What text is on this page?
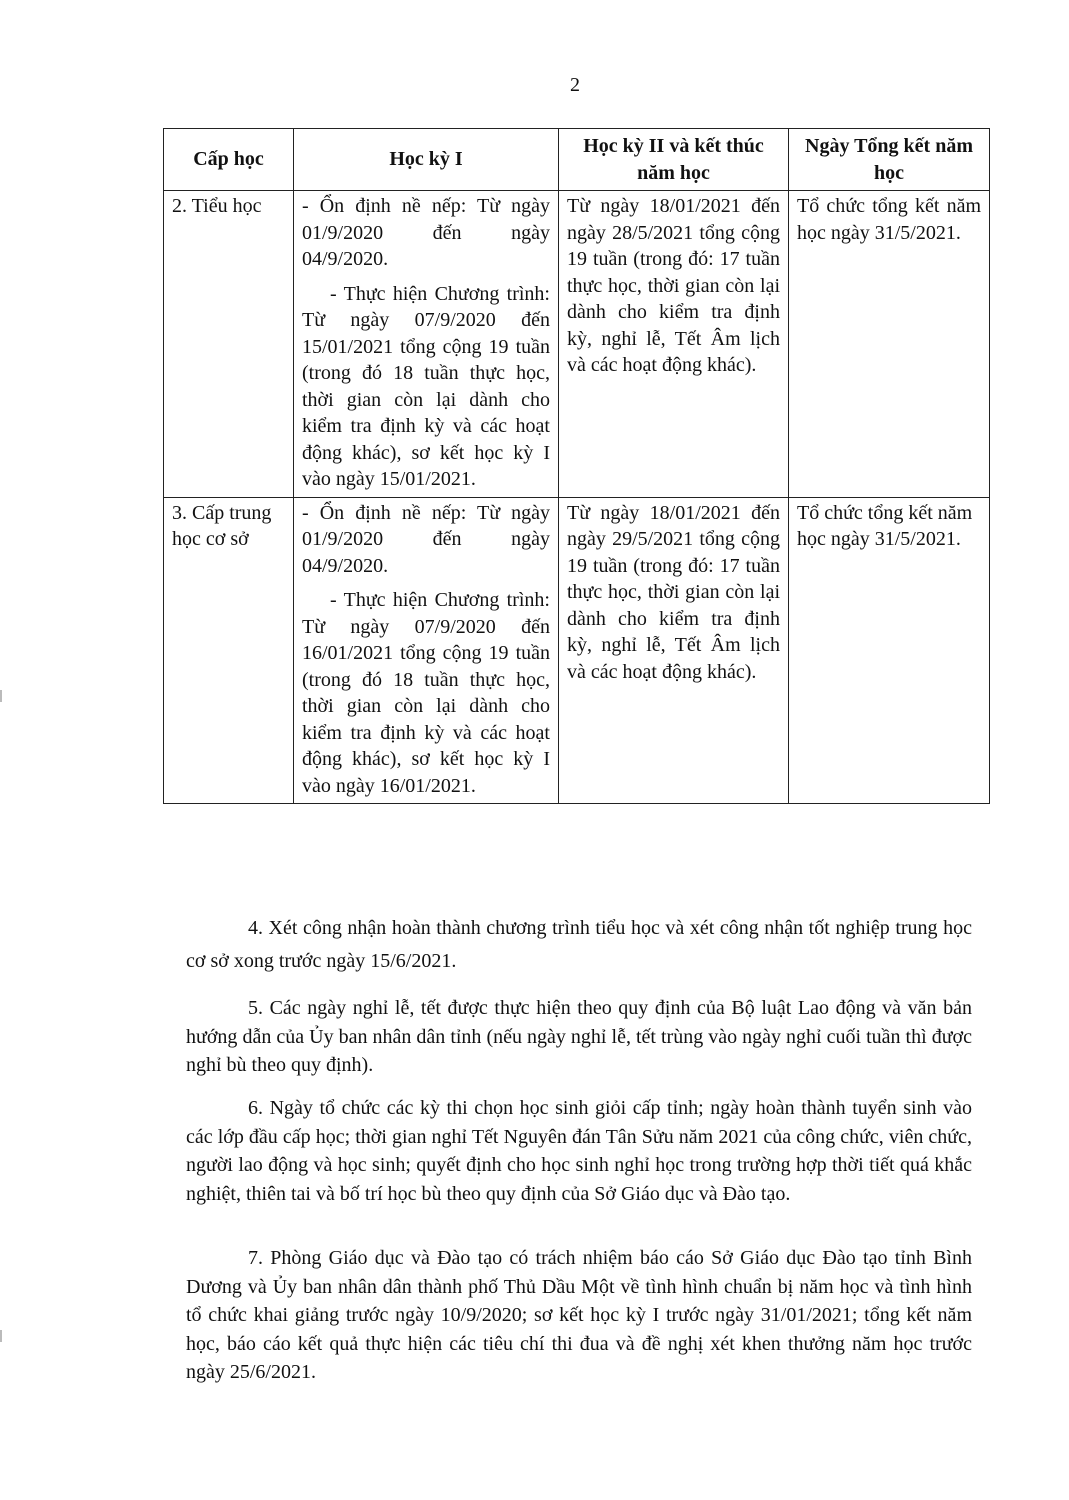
2
Cấp học	Học kỳ I	Học kỳ II và kết thúc năm học	Ngày Tổng kết năm học
2. Tiểu học	- Ổn định nề nếp: Từ ngày 01/9/2020 đến ngày 04/9/2020.

- Thực hiện Chương trình: Từ ngày 07/9/2020 đến 15/01/2021 tổng cộng 19 tuần (trong đó 18 tuần thực học, thời gian còn lại dành cho kiểm tra định kỳ và các hoạt động khác), sơ kết học kỳ I vào ngày 15/01/2021.	Từ ngày 18/01/2021 đến ngày 28/5/2021 tổng cộng 19 tuần (trong đó: 17 tuần thực học, thời gian còn lại dành cho kiểm tra định kỳ, nghỉ lễ, Tết Âm lịch và các hoạt động khác).	Tổ chức tổng kết năm học ngày 31/5/2021.
3. Cấp trung học cơ sở	- Ổn định nề nếp: Từ ngày 01/9/2020 đến ngày 04/9/2020.

- Thực hiện Chương trình: Từ ngày 07/9/2020 đến 16/01/2021 tổng cộng 19 tuần (trong đó 18 tuần thực học, thời gian còn lại dành cho kiểm tra định kỳ và các hoạt động khác), sơ kết học kỳ I vào ngày 16/01/2021.	Từ ngày 18/01/2021 đến ngày 29/5/2021 tổng cộng 19 tuần (trong đó: 17 tuần thực học, thời gian còn lại dành cho kiểm tra định kỳ, nghỉ lễ, Tết Âm lịch và các hoạt động khác).	Tổ chức tổng kết năm học ngày 31/5/2021.

4. Xét công nhận hoàn thành chương trình tiểu học và xét công nhận tốt nghiệp trung học cơ sở xong trước ngày 15/6/2021.

5. Các ngày nghỉ lễ, tết được thực hiện theo quy định của Bộ luật Lao động và văn bản hướng dẫn của Ủy ban nhân dân tỉnh (nếu ngày nghỉ lễ, tết trùng vào ngày nghỉ cuối tuần thì được nghỉ bù theo quy định).

6. Ngày tổ chức các kỳ thi chọn học sinh giỏi cấp tỉnh; ngày hoàn thành tuyển sinh vào các lớp đầu cấp học; thời gian nghỉ Tết Nguyên đán Tân Sửu năm 2021 của công chức, viên chức, người lao động và học sinh; quyết định cho học sinh nghỉ học trong trường hợp thời tiết quá khắc nghiệt, thiên tai và bố trí học bù theo quy định của Sở Giáo dục và Đào tạo.

7. Phòng Giáo dục và Đào tạo có trách nhiệm báo cáo Sở Giáo dục Đào tạo tỉnh Bình Dương và Ủy ban nhân dân thành phố Thủ Dầu Một về tình hình chuẩn bị năm học và tình hình tổ chức khai giảng trước ngày 10/9/2020; sơ kết học kỳ I trước ngày 31/01/2021; tổng kết năm học, báo cáo kết quả thực hiện các tiêu chí thi đua và đề nghị xét khen thưởng năm học trước ngày 25/6/2021.
